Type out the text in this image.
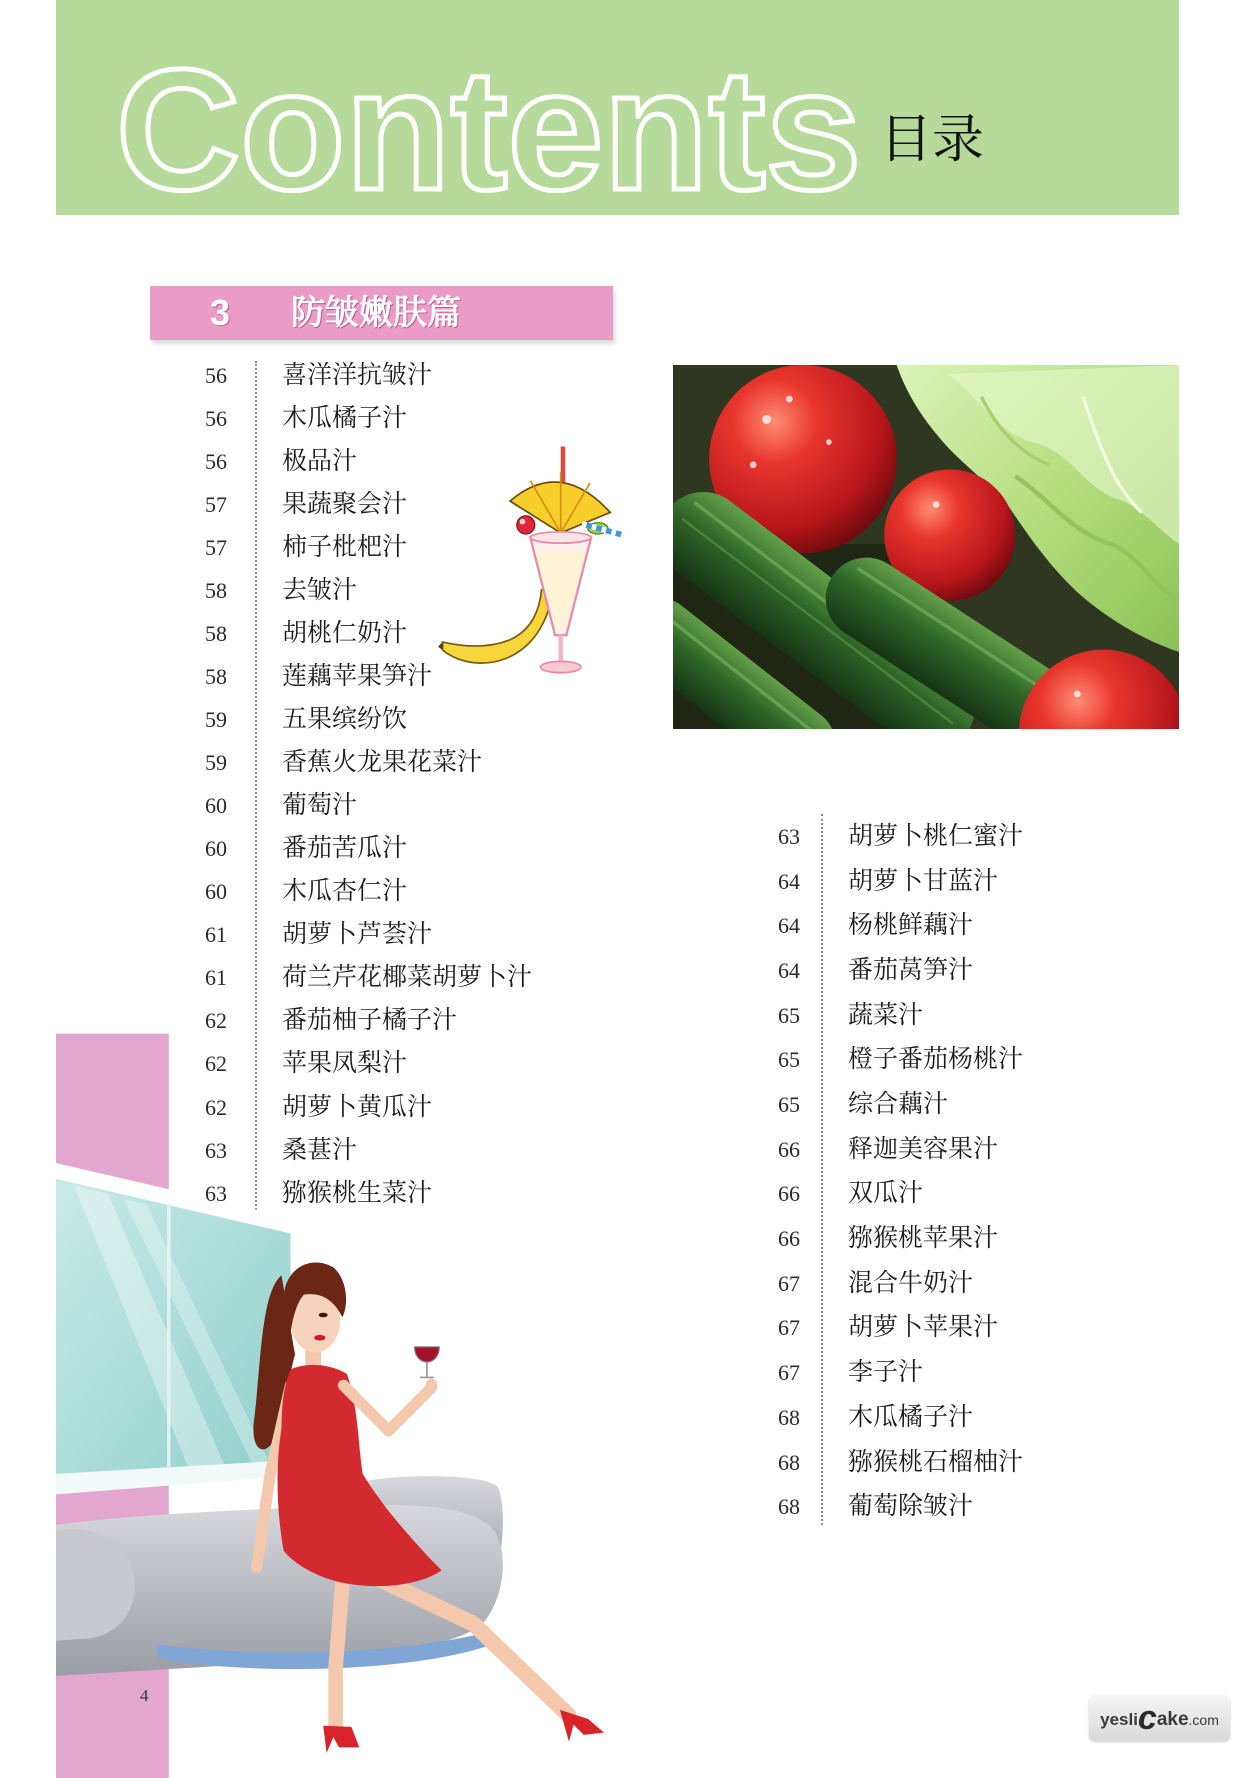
Contents 目录
3 防皱嫩肤篇
56 喜洋洋抗皱汁
56 木瓜橘子汁
56 极品汁
57 果蔬聚会汁
57 柿子枇杷汁
58 去皱汁
58 胡桃仁奶汁
58 莲藕苹果笋汁
59 五果缤纷饮
59 香蕉火龙果花菜汁
60 葡萄汁
60 番茄苦瓜汁
60 木瓜杏仁汁
61 胡萝卜芦荟汁
61 荷兰芹花椰菜胡萝卜汁
62 番茄柚子橘子汁
62 苹果凤梨汁
62 胡萝卜黄瓜汁
63 桑葚汁
63 猕猴桃生菜汁
63 胡萝卜桃仁蜜汁
64 胡萝卜甘蓝汁
64 杨桃鲜藕汁
64 番茄莴笋汁
65 蔬菜汁
65 橙子番茄杨桃汁
65 综合藕汁
66 释迦美容果汁
66 双瓜汁
66 猕猴桃苹果汁
67 混合牛奶汁
67 胡萝卜苹果汁
67 李子汁
68 木瓜橘子汁
68 猕猴桃石榴柚汁
68 葡萄除皱汁
4
yeslicake.com
